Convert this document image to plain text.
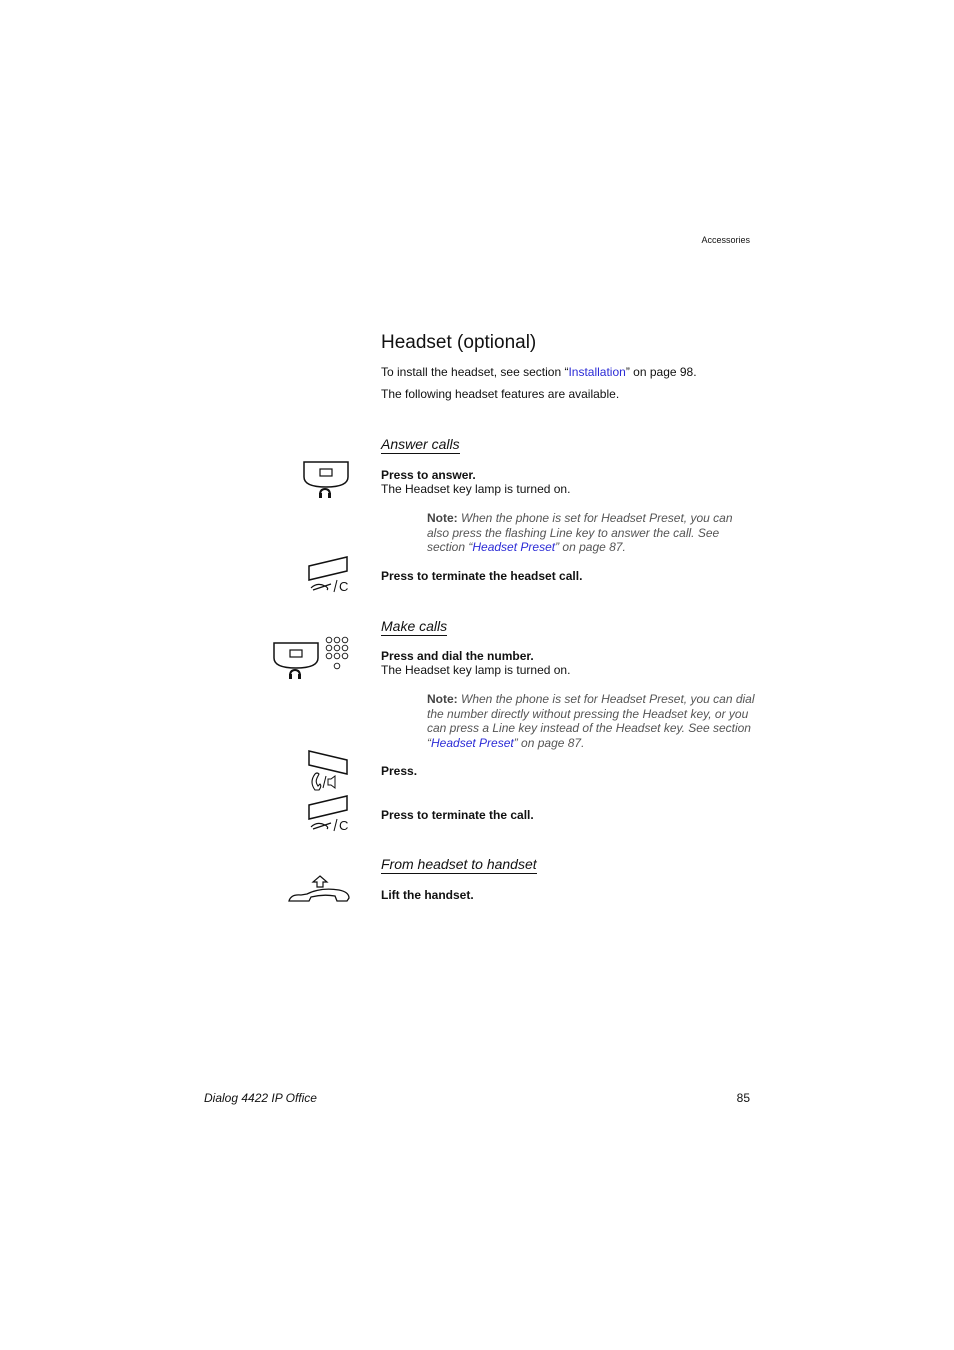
Accessories
Headset (optional)
To install the headset, see section “Installation” on page 98.
The following headset features are available.
Answer calls
Press to answer.
The Headset key lamp is turned on.
Note: When the phone is set for Headset Preset, you can also press the flashing Line key to answer the call. See section “Headset Preset” on page 87.
C
Press to terminate the headset call.
Make calls
Press and dial the number.
The Headset key lamp is turned on.
Note: When the phone is set for Headset Preset, you can dial the number directly without pressing the Headset key, or you can press a Line key instead of the Headset key. See section “Headset Preset” on page 87.
Press.
C
Press to terminate the call.
From headset to handset
Lift the handset.
Dialog 4422 IP Office	85
